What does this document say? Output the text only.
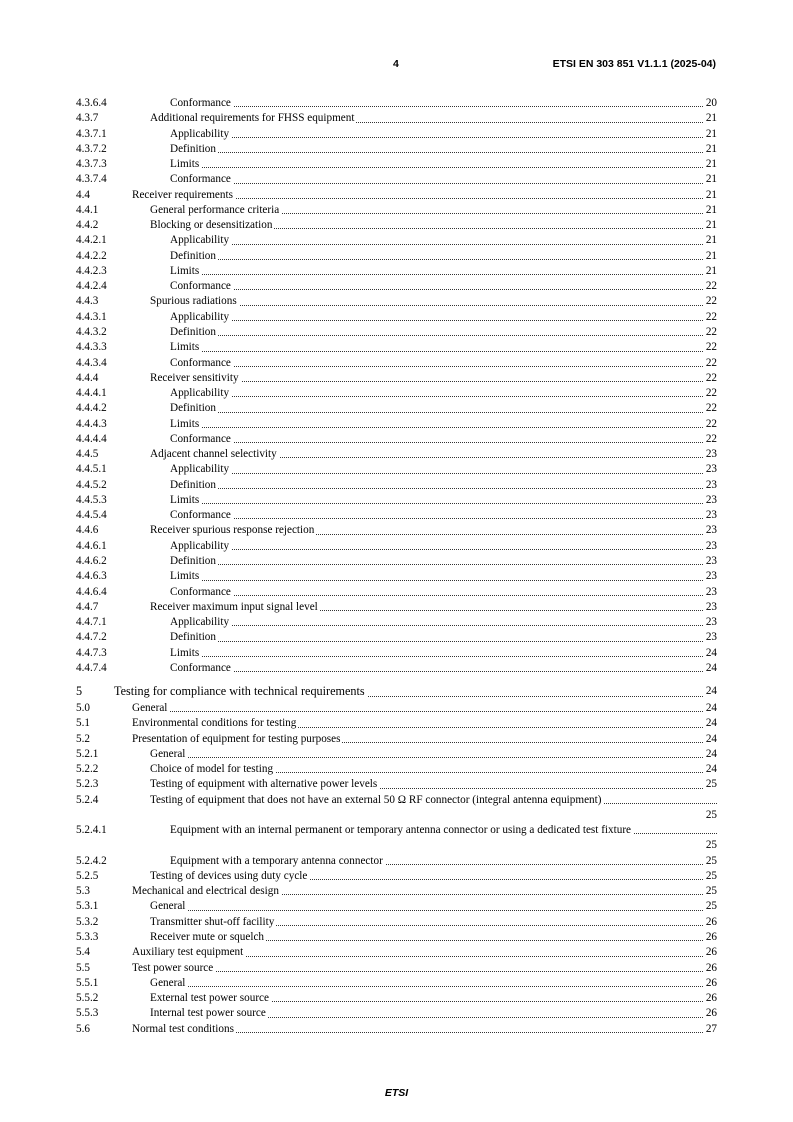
4	ETSI EN 303 851 V1.1.1 (2025-04)
4.3.6.4	Conformance	20
4.3.7	Additional requirements for FHSS equipment	21
4.3.7.1	Applicability	21
4.3.7.2	Definition	21
4.3.7.3	Limits	21
4.3.7.4	Conformance	21
4.4	Receiver requirements	21
4.4.1	General performance criteria	21
4.4.2	Blocking or desensitization	21
4.4.2.1	Applicability	21
4.4.2.2	Definition	21
4.4.2.3	Limits	21
4.4.2.4	Conformance	22
4.4.3	Spurious radiations	22
4.4.3.1	Applicability	22
4.4.3.2	Definition	22
4.4.3.3	Limits	22
4.4.3.4	Conformance	22
4.4.4	Receiver sensitivity	22
4.4.4.1	Applicability	22
4.4.4.2	Definition	22
4.4.4.3	Limits	22
4.4.4.4	Conformance	22
4.4.5	Adjacent channel selectivity	23
4.4.5.1	Applicability	23
4.4.5.2	Definition	23
4.4.5.3	Limits	23
4.4.5.4	Conformance	23
4.4.6	Receiver spurious response rejection	23
4.4.6.1	Applicability	23
4.4.6.2	Definition	23
4.4.6.3	Limits	23
4.4.6.4	Conformance	23
4.4.7	Receiver maximum input signal level	23
4.4.7.1	Applicability	23
4.4.7.2	Definition	23
4.4.7.3	Limits	24
4.4.7.4	Conformance	24
5	Testing for compliance with technical requirements	24
5.0	General	24
5.1	Environmental conditions for testing	24
5.2	Presentation of equipment for testing purposes	24
5.2.1	General	24
5.2.2	Choice of model for testing	24
5.2.3	Testing of equipment with alternative power levels	25
5.2.4	Testing of equipment that does not have an external 50 Ω RF connector (integral antenna equipment)
25
5.2.4.1	Equipment with an internal permanent or temporary antenna connector or using a dedicated test fixture
25
5.2.4.2	Equipment with a temporary antenna connector	25
5.2.5	Testing of devices using duty cycle	25
5.3	Mechanical and electrical design	25
5.3.1	General	25
5.3.2	Transmitter shut-off facility	26
5.3.3	Receiver mute or squelch	26
5.4	Auxiliary test equipment	26
5.5	Test power source	26
5.5.1	General	26
5.5.2	External test power source	26
5.5.3	Internal test power source	26
5.6	Normal test conditions	27
ETSI
